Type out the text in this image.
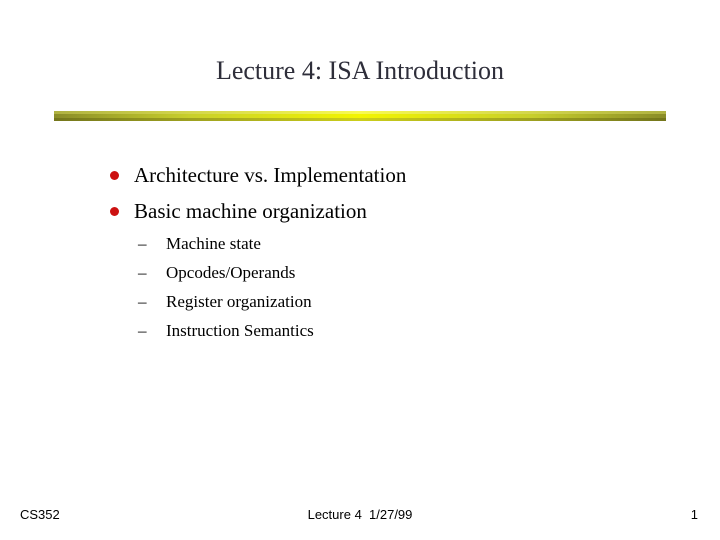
Lecture 4: ISA Introduction
Architecture vs. Implementation
Basic machine organization
– Machine state
– Opcodes/Operands
– Register organization
– Instruction Semantics
CS352	Lecture 4  1/27/99	1
